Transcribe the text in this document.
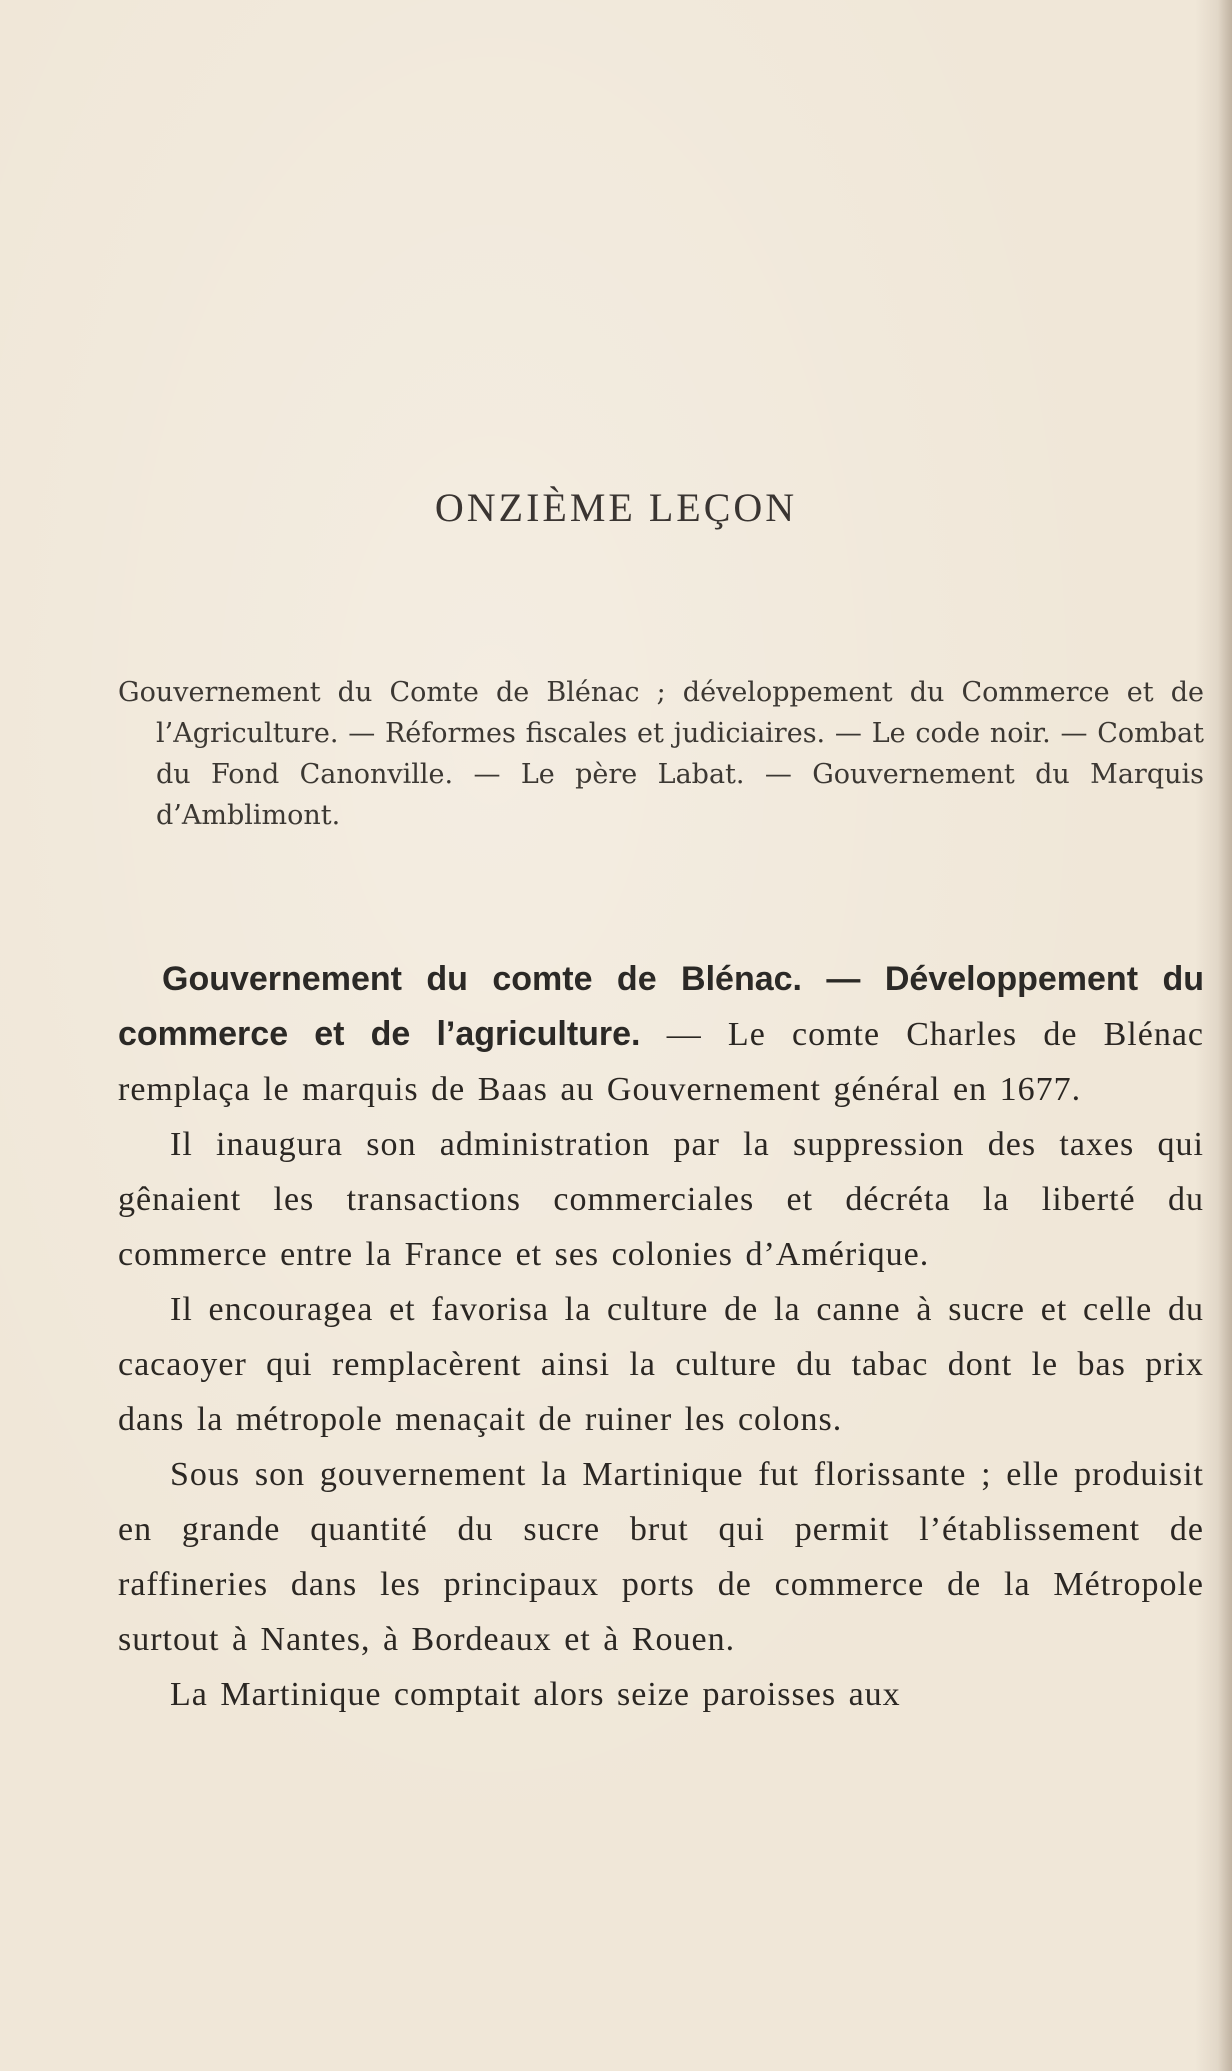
ONZIÈME LEÇON

Gouvernement du Comte de Blénac ; développement du Commerce et de l’Agriculture. — Réformes fiscales et judiciaires. — Le code noir. — Combat du Fond Canonville. — Le père Labat. — Gouvernement du Marquis d’Amblimont.

Gouvernement du comte de Blénac. — Développement du commerce et de l’agriculture. — Le comte Charles de Blénac remplaça le marquis de Baas au Gouvernement général en 1677.

Il inaugura son administration par la suppression des taxes qui gênaient les transactions commerciales et décréta la liberté du commerce entre la France et ses colonies d’Amérique.

Il encouragea et favorisa la culture de la canne à sucre et celle du cacaoyer qui remplacèrent ainsi la culture du tabac dont le bas prix dans la métropole menaçait de ruiner les colons.

Sous son gouvernement la Martinique fut florissante ; elle produisit en grande quantité du sucre brut qui permit l’établissement de raffineries dans les principaux ports de commerce de la Métropole surtout à Nantes, à Bordeaux et à Rouen.

La Martinique comptait alors seize paroisses aux
